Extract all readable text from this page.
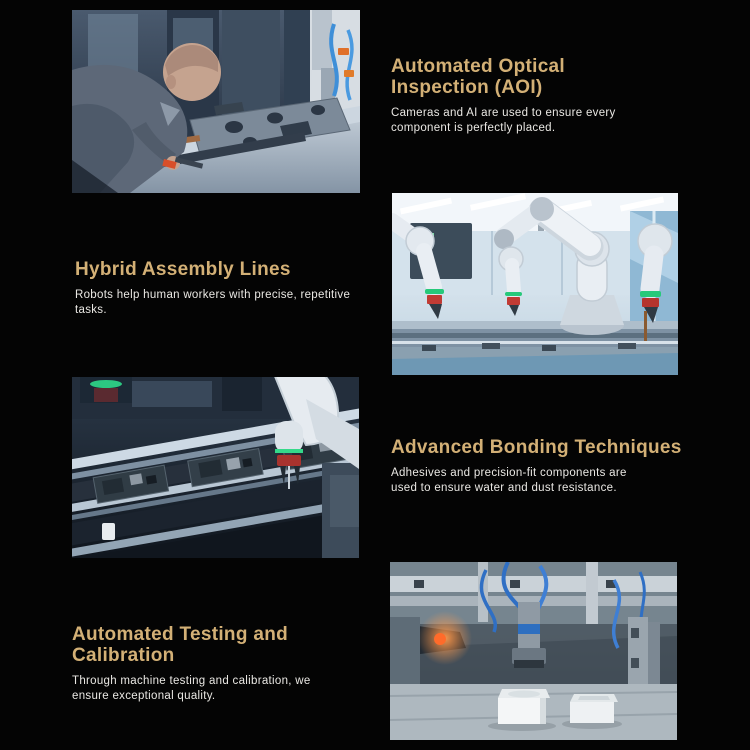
Automated Optical Inspection (AOI)

Cameras and AI are used to ensure every component is perfectly placed.

Hybrid Assembly Lines

Robots help human workers with precise, repetitive tasks.

Advanced Bonding Techniques

Adhesives and precision-fit components are used to ensure water and dust resistance.

Automated Testing and Calibration

Through machine testing and calibration, we ensure exceptional quality.
